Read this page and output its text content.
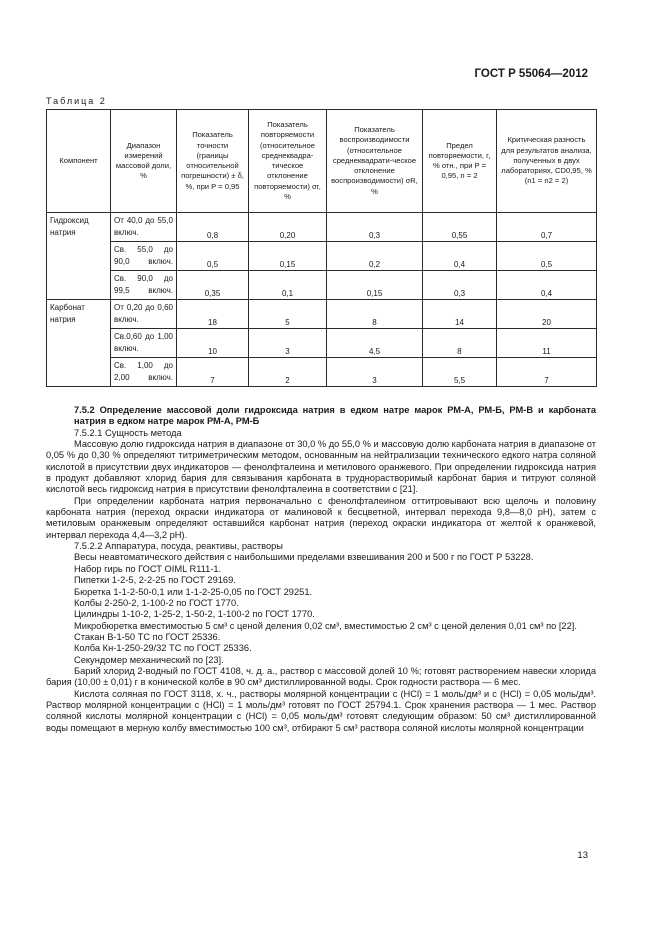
ГОСТ Р 55064—2012
Таблица 2
Компонент	Диапазон измерений массовой доли, %	Показатель точности (границы относительной погрешности) ± δ, %, при P = 0,95	Показатель повторяемости (относительное среднеквадра-тическое отклонение повторяемости) σr, %	Показатель воспроизводимости (относительное среднеквадрати-ческое отклонение воспроизводимости) σR, %	Предел повторяемости, r, % отн., при P = 0,95, n = 2	Критическая разность для результатов анализа, полученных в двух лабораториях, CD0,95, % (n1 = n2 = 2)
Гидроксид натрия	От 40,0 до 55,0 включ.	0,8	0,20	0,3	0,55	0,7
	Св. 55,0 до 90,0 включ.	0,5	0,15	0,2	0,4	0,5
	Св. 90,0 до 99,5 включ.	0,35	0,1	0,15	0,3	0,4
Карбонат натрия	От 0,20 до 0,60 включ.	18	5	8	14	20
	Св.0,60 до 1,00 включ.	10	3	4,5	8	11
	Св. 1,00 до 2,00 включ.	7	2	3	5,5	7

7.5.2 Определение массовой доли гидроксида натрия в едком натре марок РМ-А, РМ-Б, РМ-В и карбоната натрия в едком натре марок РМ-А, РМ-Б

7.5.2.1 Сущность метода

Массовую долю гидроксида натрия в диапазоне от 30,0 % до 55,0 % и массовую долю карбоната натрия в диапазоне от 0,05 % до 0,30 % определяют титриметрическим методом, основанным на нейтрализации технического едкого натра соляной кислотой в присутствии двух индикаторов — фенолфталеина и метилового оранжевого. При определении гидроксида натрия в продукт добавляют хлорид бария для связывания карбоната в труднорастворимый карбонат бария и титруют соляной кислотой весь гидроксид натрия в присутствии фенолфталеина в соответствии с [21].

При определении карбоната натрия первоначально с фенолфталеином оттитровывают всю щелочь и половину карбоната натрия (переход окраски индикатора от малиновой к бесцветной, интервал перехода 9,8—8,0 pH), затем с метиловым оранжевым определяют оставшийся карбонат натрия (переход окраски индикатора от желтой к оранжевой, интервал перехода 4,4—3,2 pH).

7.5.2.2 Аппаратура, посуда, реактивы, растворы

Весы неавтоматического действия с наибольшими пределами взвешивания 200 и 500 г по ГОСТ Р 53228.

Набор гирь по ГОСТ OIML R111-1.

Пипетки 1-2-5, 2-2-25 по ГОСТ 29169.

Бюретка 1-1-2-50-0,1 или 1-1-2-25-0,05 по ГОСТ 29251.

Колбы 2-250-2, 1-100-2 по ГОСТ 1770.

Цилиндры 1-10-2, 1-25-2, 1-50-2, 1-100-2 по ГОСТ 1770.

Микробюретка вместимостью 5 см³ с ценой деления 0,02 см³, вместимостью 2 см³ с ценой деления 0,01 см³ по [22].

Стакан В-1-50 ТС по ГОСТ 25336.

Колба Кн-1-250-29/32 ТС по ГОСТ 25336.

Секундомер механический по [23].

Барий хлорид 2-водный по ГОСТ 4108, ч. д. а., раствор с массовой долей 10 %; готовят растворением навески хлорида бария (10,00 ± 0,01) г в конической колбе в 90 см³ дистиллированной воды. Срок годности раствора — 6 мес.

Кислота соляная по ГОСТ 3118, х. ч., растворы молярной концентрации c (HCl) = 1 моль/дм³ и c (HCl) = 0,05 моль/дм³. Раствор молярной концентрации c (HCl) = 1 моль/дм³ готовят по ГОСТ 25794.1. Срок хранения раствора — 1 мес. Раствор соляной кислоты молярной концентрации c (HCl) = 0,05 моль/дм³ готовят следующим образом: 50 см³ дистиллированной воды помещают в мерную колбу вместимостью 100 см³, отбирают 5 см³ раствора соляной кислоты молярной концентрации

13
